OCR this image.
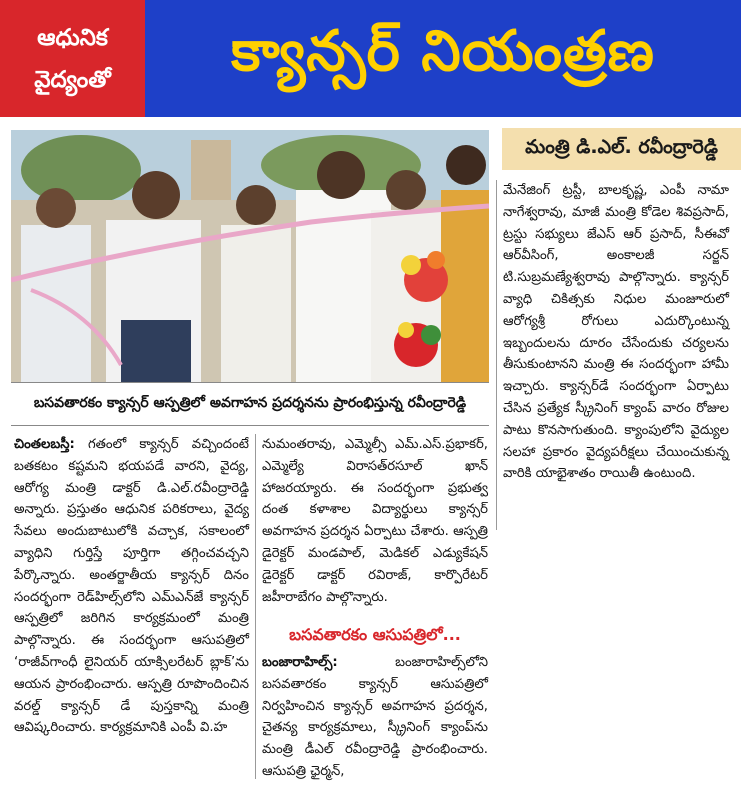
ఆధునిక
వైద్యంతో క్యాన్సర్ నియంత్రణ
బసవతారకం క్యాన్సర్ ఆస్పత్రిలో అవగాహన ప్రదర్శనను ప్రారంభిస్తున్న రవీంద్రారెడ్డి
మంత్రి డి.ఎల్. రవీంద్రారెడ్డి

చింతలబస్తీ: గతంలో క్యాన్సర్ వచ్చిందంటే బతకటం కష్టమని భయపడే వారని, వైద్య, ఆరోగ్య మంత్రి డాక్టర్ డి.ఎల్.రవీంద్రారెడ్డి అన్నారు. ప్రస్తుతం ఆధునిక పరికరాలు, వైద్య సేవలు అందుబాటులోకి వచ్చాక, సకాలంలో వ్యాధిని గుర్తిస్తే పూర్తిగా తగ్గించవచ్చని పేర్కొన్నారు. అంతర్జాతీయ క్యాన్సర్ దినం సందర్భంగా రెడ్‌హిల్స్‌లోని ఎమ్ఎన్‌జే క్యాన్సర్ ఆస్పత్రిలో జరిగిన కార్యక్రమంలో మంత్రి పాల్గొన్నారు. ఈ సందర్భంగా ఆసుపత్రిలో ‘రాజీవ్‌గాంధీ లైనియర్ యాక్సిలరేటర్ బ్లాక్’ను ఆయన ప్రారంభించారు. ఆస్పత్రి రూపొందించిన వరల్డ్ క్యాన్సర్ డే పుస్తకాన్ని మంత్రి ఆవిష్కరించారు. కార్యక్రమానికి ఎంపీ వి.హ

నుమంతరావు, ఎమ్మెల్సీ ఎమ్.ఎస్.ప్రభాకర్, ఎమ్మెల్యే విరాసత్‌రసూల్ ఖాన్ హాజరయ్యారు. ఈ సందర్భంగా ప్రభుత్వ దంత కళాశాల విద్యార్థులు క్యాన్సర్ అవగాహన ప్రదర్శన ఏర్పాటు చేశారు. ఆస్పత్రి డైరెక్టర్ మండపాల్, మెడికల్ ఎడ్యుకేషన్ డైరెక్టర్ డాక్టర్ రవిరాజ్, కార్పొరేటర్ జహీరాబేగం పాల్గొన్నారు.

బసవతారకం ఆసుపత్రిలో...

బంజారాహిల్స్:	బంజారాహిల్స్‌లోని బసవతారకం క్యాన్సర్ ఆసుపత్రిలో నిర్వహించిన క్యాన్సర్ అవగాహన ప్రదర్శన, చైతన్య కార్యక్రమాలు, స్క్రీనింగ్ క్యాంప్‌ను మంత్రి డీఎల్ రవీంద్రారెడ్డి ప్రారంభించారు. ఆసుపత్రి ఛైర్మన్,

మేనేజింగ్ ట్రస్టీ, బాలకృష్ణ, ఎంపీ నామా నాగేశ్వరావు, మాజీ మంత్రి కోడెల శివప్రసాద్, ట్రస్టు సభ్యులు జేఎస్ ఆర్ ప్రసాద్, సీఈవో ఆర్‌వీసింగ్, అంకాలజీ సర్జన్ టి.సుబ్రమణ్యేశ్వరావు పాల్గొన్నారు. క్యాన్సర్ వ్యాధి చికిత్సకు నిధుల మంజూరులో ఆరోగ్యశ్రీ రోగులు ఎదుర్కొంటున్న ఇబ్బందులను దూరం చేసేందుకు చర్యలను తీసుకుంటానని మంత్రి ఈ సందర్భంగా హామీ ఇచ్చారు. క్యాన్సర్‌డే సందర్భంగా ఏర్పాటు చేసిన ప్రత్యేక స్క్రీనింగ్ క్యాంప్ వారం రోజుల పాటు కొనసాగుతుంది. క్యాంపులోని వైద్యుల సలహా ప్రకారం వైద్యపరీక్షలు చేయించుకున్న వారికి యాభైశాతం రాయితీ ఉంటుంది.
